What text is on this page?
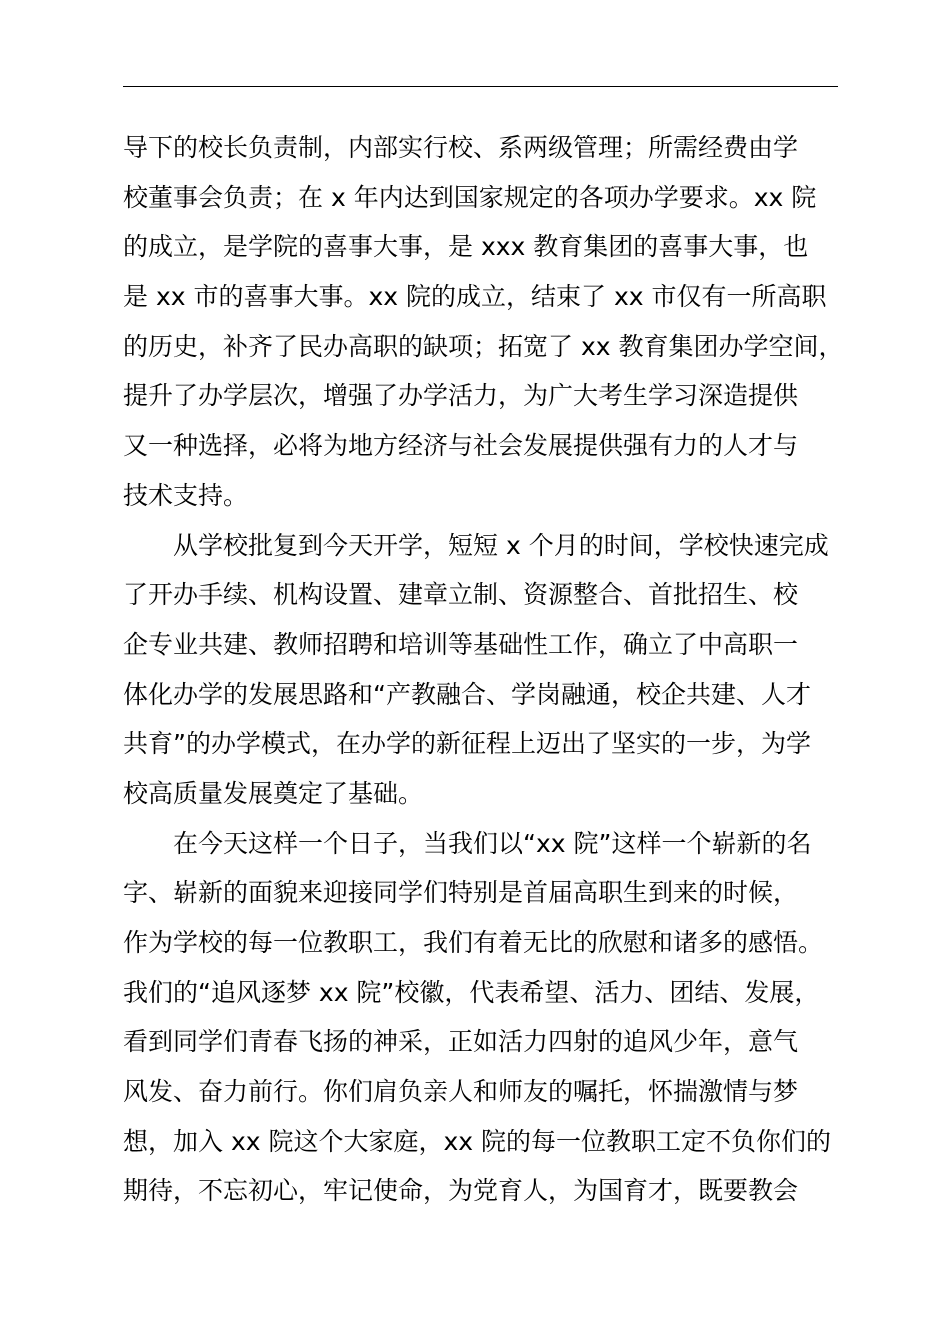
导下的校长负责制，内部实行校、系两级管理；所需经费由学
校董事会负责；在 x 年内达到国家规定的各项办学要求。xx 院
的成立，是学院的喜事大事，是 xxx 教育集团的喜事大事，也
是 xx 市的喜事大事。xx 院的成立，结束了 xx 市仅有一所高职
的历史，补齐了民办高职的缺项；拓宽了 xx 教育集团办学空间，
提升了办学层次，增强了办学活力，为广大考生学习深造提供
又一种选择，必将为地方经济与社会发展提供强有力的人才与
技术支持。
从学校批复到今天开学，短短 x 个月的时间，学校快速完成
了开办手续、机构设置、建章立制、资源整合、首批招生、校
企专业共建、教师招聘和培训等基础性工作，确立了中高职一
体化办学的发展思路和“产教融合、学岗融通，校企共建、人才
共育”的办学模式，在办学的新征程上迈出了坚实的一步，为学
校高质量发展奠定了基础。
在今天这样一个日子，当我们以“xx 院”这样一个崭新的名
字、崭新的面貌来迎接同学们特别是首届高职生到来的时候，
作为学校的每一位教职工，我们有着无比的欣慰和诸多的感悟。
我们的“追风逐梦 xx 院”校徽，代表希望、活力、团结、发展，
看到同学们青春飞扬的神采，正如活力四射的追风少年，意气
风发、奋力前行。你们肩负亲人和师友的嘱托，怀揣激情与梦
想，加入 xx 院这个大家庭，xx 院的每一位教职工定不负你们的
期待，不忘初心，牢记使命，为党育人，为国育才，既要教会
